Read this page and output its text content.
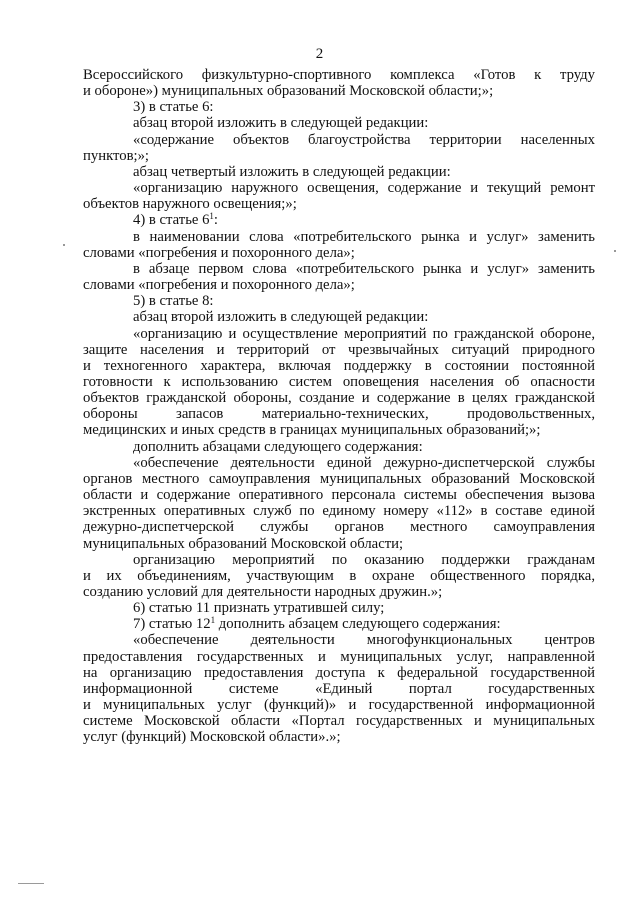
2
Всероссийского физкультурно-спортивного комплекса «Готов к труду
и обороне») муниципальных образований Московской области;»;
3) в статье 6:
абзац второй изложить в следующей редакции:
«содержание объектов благоустройства территории населенных
пунктов;»;
абзац четвертый изложить в следующей редакции:
«организацию наружного освещения, содержание и текущий ремонт
объектов наружного освещения;»;
4) в статье $6^1$:
в наименовании слова «потребительского рынка и услуг» заменить
словами «погребения и похоронного дела»;
в абзаце первом слова «потребительского рынка и услуг» заменить
словами «погребения и похоронного дела»;
5) в статье 8:
абзац второй изложить в следующей редакции:
«организацию и осуществление мероприятий по гражданской обороне,
защите населения и территорий от чрезвычайных ситуаций природного
и техногенного характера, включая поддержку в состоянии постоянной
готовности к использованию систем оповещения населения об опасности
объектов гражданской обороны, создание и содержание в целях гражданской
обороны запасов материально-технических, продовольственных,
медицинских и иных средств в границах муниципальных образований;»;
дополнить абзацами следующего содержания:
«обеспечение деятельности единой дежурно-диспетчерской службы
органов местного самоуправления муниципальных образований Московской
области и содержание оперативного персонала системы обеспечения вызова
экстренных оперативных служб по единому номеру «112» в составе единой
дежурно-диспетчерской службы органов местного самоуправления
муниципальных образований Московской области;
организацию мероприятий по оказанию поддержки гражданам
и их объединениям, участвующим в охране общественного порядка,
созданию условий для деятельности народных дружин.»;
6) статью 11 признать утратившей силу;
7) статью $12^1$ дополнить абзацем следующего содержания:
«обеспечение деятельности многофункциональных центров
предоставления государственных и муниципальных услуг, направленной
на организацию предоставления доступа к федеральной государственной
информационной системе «Единый портал государственных
и муниципальных услуг (функций)» и государственной информационной
системе Московской области «Портал государственных и муниципальных
услуг (функций) Московской области».»;
